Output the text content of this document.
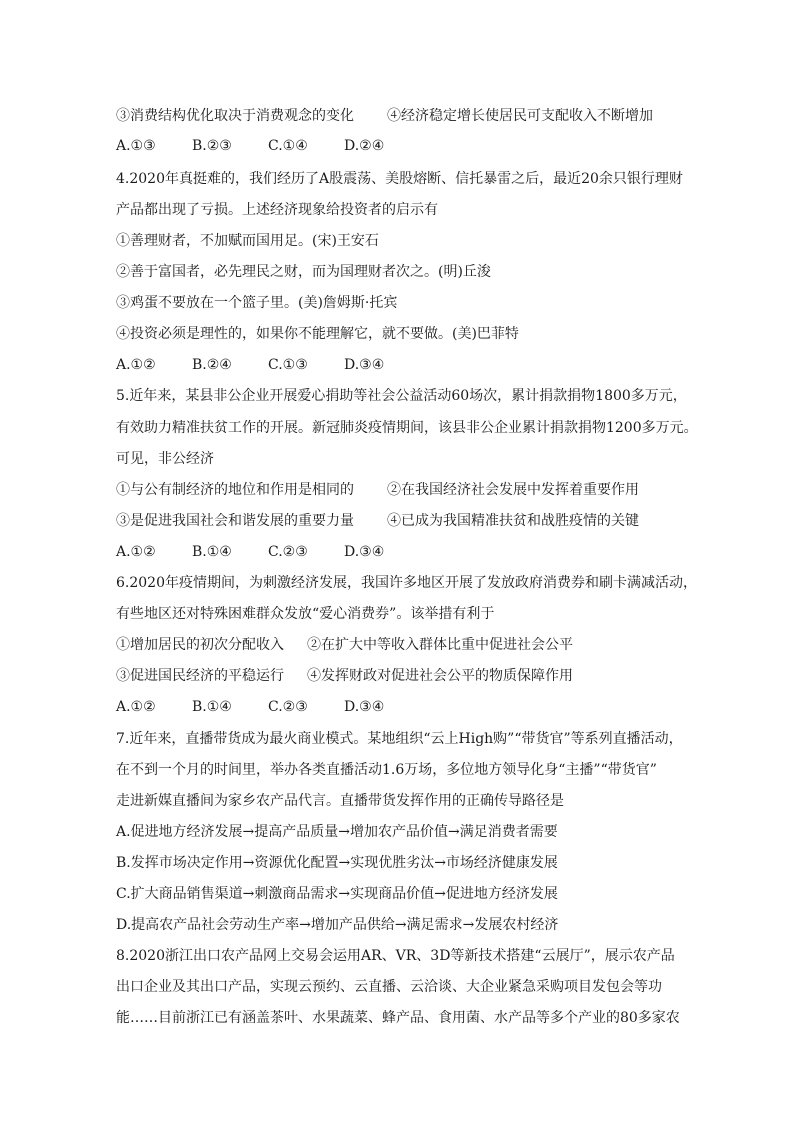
③消费结构优化取决于消费观念的变化	④经济稳定增长使居民可支配收入不断增加
A.①③	B.②③	C.①④	D.②④
4.2020年真挺难的，我们经历了A股震荡、美股熔断、信托暴雷之后，最近20余只银行理财
产品都出现了亏损。上述经济现象给投资者的启示有
①善理财者，不加赋而国用足。(宋)王安石
②善于富国者，必先理民之财，而为国理财者次之。(明)丘浚
③鸡蛋不要放在一个篮子里。(美)詹姆斯·托宾
④投资必须是理性的，如果你不能理解它，就不要做。(美)巴菲特
A.①②	B.②④	C.①③	D.③④
5.近年来，某县非公企业开展爱心捐助等社会公益活动60场次，累计捐款捐物1800多万元，
有效助力精准扶贫工作的开展。新冠肺炎疫情期间，该县非公企业累计捐款捐物1200多万元。
可见，非公经济
①与公有制经济的地位和作用是相同的	②在我国经济社会发展中发挥着重要作用
③是促进我国社会和谐发展的重要力量	④已成为我国精准扶贫和战胜疫情的关键
A.①②	B.①④	C.②③	D.③④
6.2020年疫情期间，为刺激经济发展，我国许多地区开展了发放政府消费券和刷卡满减活动，
有些地区还对特殊困难群众发放“爱心消费券”。该举措有利于
①增加居民的初次分配收入	②在扩大中等收入群体比重中促进社会公平
③促进国民经济的平稳运行	④发挥财政对促进社会公平的物质保障作用
A.①②	B.①④	C.②③	D.③④
7.近年来，直播带货成为最火商业模式。某地组织“云上High购”“带货官”等系列直播活动，
在不到一个月的时间里，举办各类直播活动1.6万场，多位地方领导化身“主播”“带货官”
走进新媒直播间为家乡农产品代言。直播带货发挥作用的正确传导路径是
A.促进地方经济发展→提高产品质量→增加农产品价值→满足消费者需要
B.发挥市场决定作用→资源优化配置→实现优胜劣汰→市场经济健康发展
C.扩大商品销售渠道→刺激商品需求→实现商品价值→促进地方经济发展
D.提高农产品社会劳动生产率→增加产品供给→满足需求→发展农村经济
8.2020浙江出口农产品网上交易会运用AR、VR、3D等新技术搭建“云展厅”，展示农产品
出口企业及其出口产品，实现云预约、云直播、云洽谈、大企业紧急采购项目发包会等功
能……目前浙江已有涵盖茶叶、水果蔬菜、蜂产品、食用菌、水产品等多个产业的80多家农
